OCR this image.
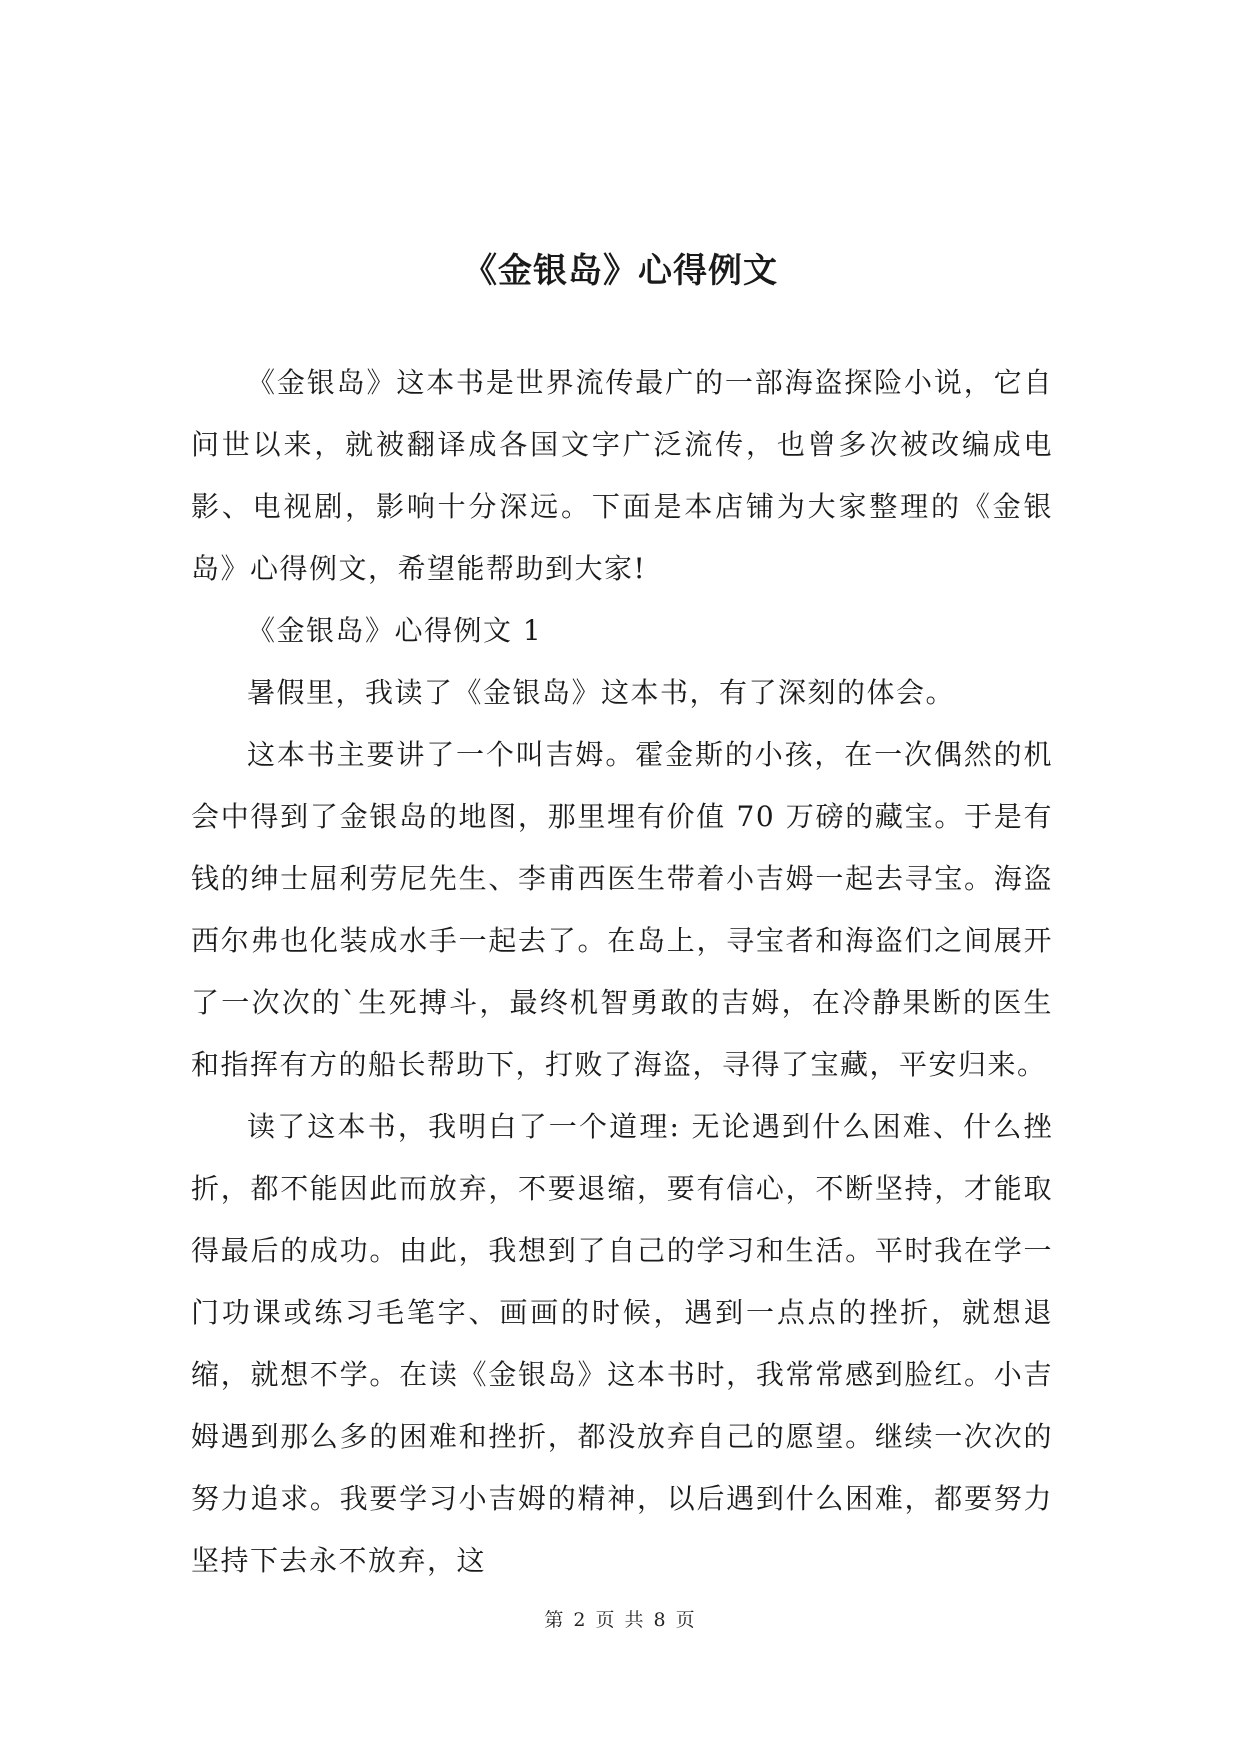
《金银岛》心得例文

《金银岛》这本书是世界流传最广的一部海盗探险小说，它自问世以来，就被翻译成各国文字广泛流传，也曾多次被改编成电影、电视剧，影响十分深远。下面是本店铺为大家整理的《金银岛》心得例文，希望能帮助到大家!

《金银岛》心得例文 1

暑假里，我读了《金银岛》这本书，有了深刻的体会。

这本书主要讲了一个叫吉姆。霍金斯的小孩，在一次偶然的机会中得到了金银岛的地图，那里埋有价值 70 万磅的藏宝。于是有钱的绅士屈利劳尼先生、李甫西医生带着小吉姆一起去寻宝。海盗西尔弗也化装成水手一起去了。在岛上，寻宝者和海盗们之间展开了一次次的`生死搏斗，最终机智勇敢的吉姆，在冷静果断的医生和指挥有方的船长帮助下，打败了海盗，寻得了宝藏，平安归来。

读了这本书，我明白了一个道理: 无论遇到什么困难、什么挫折，都不能因此而放弃，不要退缩，要有信心，不断坚持，才能取得最后的成功。由此，我想到了自己的学习和生活。平时我在学一门功课或练习毛笔字、画画的时候，遇到一点点的挫折，就想退缩，就想不学。在读《金银岛》这本书时，我常常感到脸红。小吉姆遇到那么多的困难和挫折，都没放弃自己的愿望。继续一次次的努力追求。我要学习小吉姆的精神，以后遇到什么困难，都要努力坚持下去永不放弃，这

第 2 页 共 8 页
